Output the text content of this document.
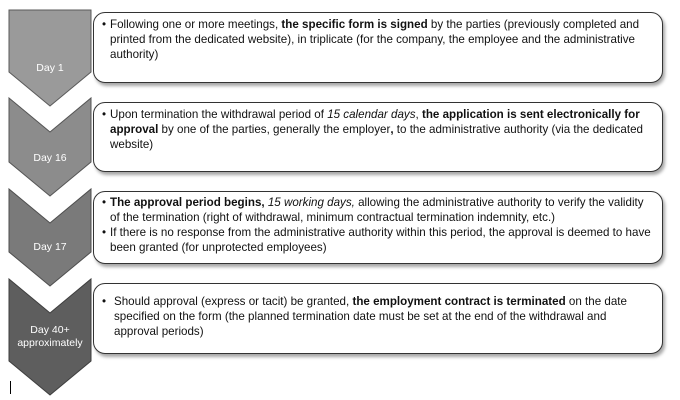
Day 1
Day 16
Day 17
Day 40+ approximately
• Following one or more meetings, the specific form is signed by the parties (previously completed and printed from the dedicated website), in triplicate (for the company, the employee and the administrative authority)
• Upon termination the withdrawal period of 15 calendar days, the application is sent electronically for approval by one of the parties, generally the employer, to the administrative authority (via the dedicated website)
• The approval period begins, 15 working days, allowing the administrative authority to verify the validity of the termination (right of withdrawal, minimum contractual termination indemnity, etc.)
• If there is no response from the administrative authority within this period, the approval is deemed to have been granted (for unprotected employees)
• Should approval (express or tacit) be granted, the employment contract is terminated on the date specified on the form (the planned termination date must be set at the end of the withdrawal and approval periods)
